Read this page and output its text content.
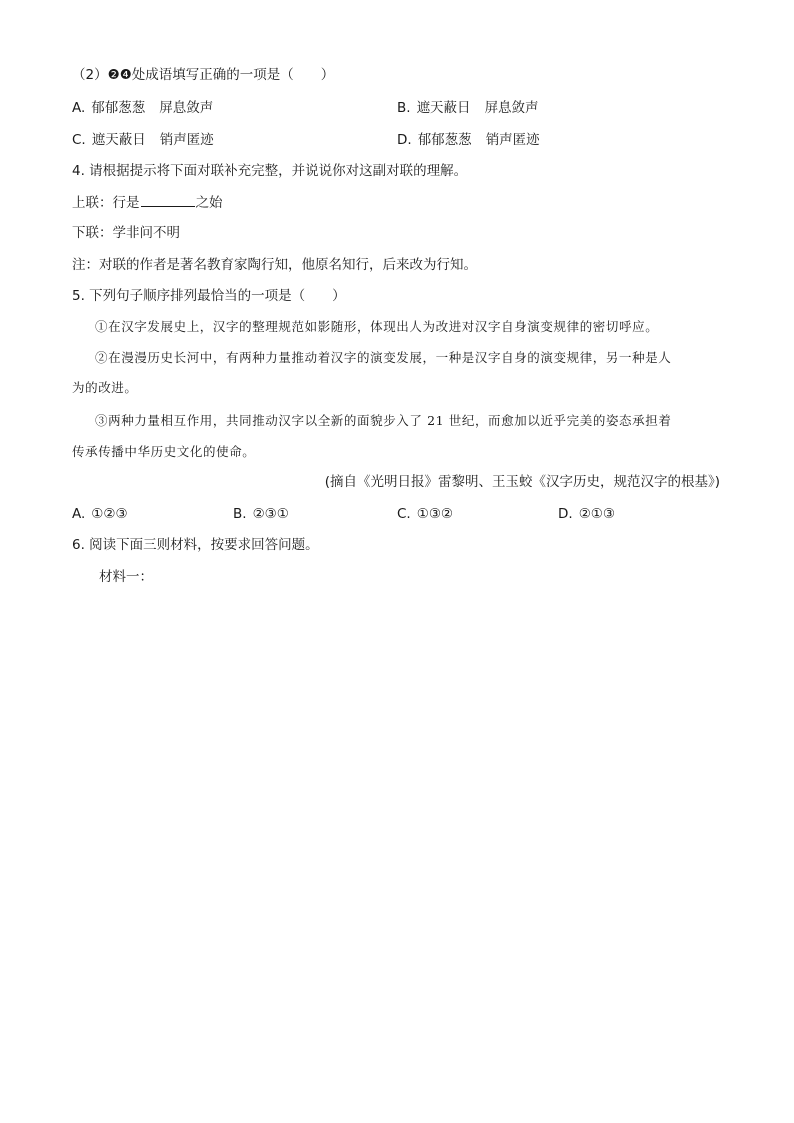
（2）❷❹处成语填写正确的一项是（　　）
A. 郁郁葱葱 屏息敛声	B. 遮天蔽日 屏息敛声
C. 遮天蔽日 销声匿迹	D. 郁郁葱葱 销声匿迹
4. 请根据提示将下面对联补充完整，并说说你对这副对联的理解。
上联：行是	之始
下联：学非问不明
注：对联的作者是著名教育家陶行知，他原名知行，后来改为行知。
5. 下列句子顺序排列最恰当的一项是（　　）
①在汉字发展史上，汉字的整理规范如影随形，体现出人为改进对汉字自身演变规律的密切呼应。
②在漫漫历史长河中，有两种力量推动着汉字的演变发展，一种是汉字自身的演变规律，另一种是人
为的改进。
③两种力量相互作用，共同推动汉字以全新的面貌步入了 21 世纪，而愈加以近乎完美的姿态承担着
传承传播中华历史文化的使命。
(摘自《光明日报》雷黎明、王玉蛟《汉字历史，规范汉字的根基》)
A. ①②③	B. ②③①	C. ①③②	D. ②①③
6. 阅读下面三则材料，按要求回答问题。
材料一：
